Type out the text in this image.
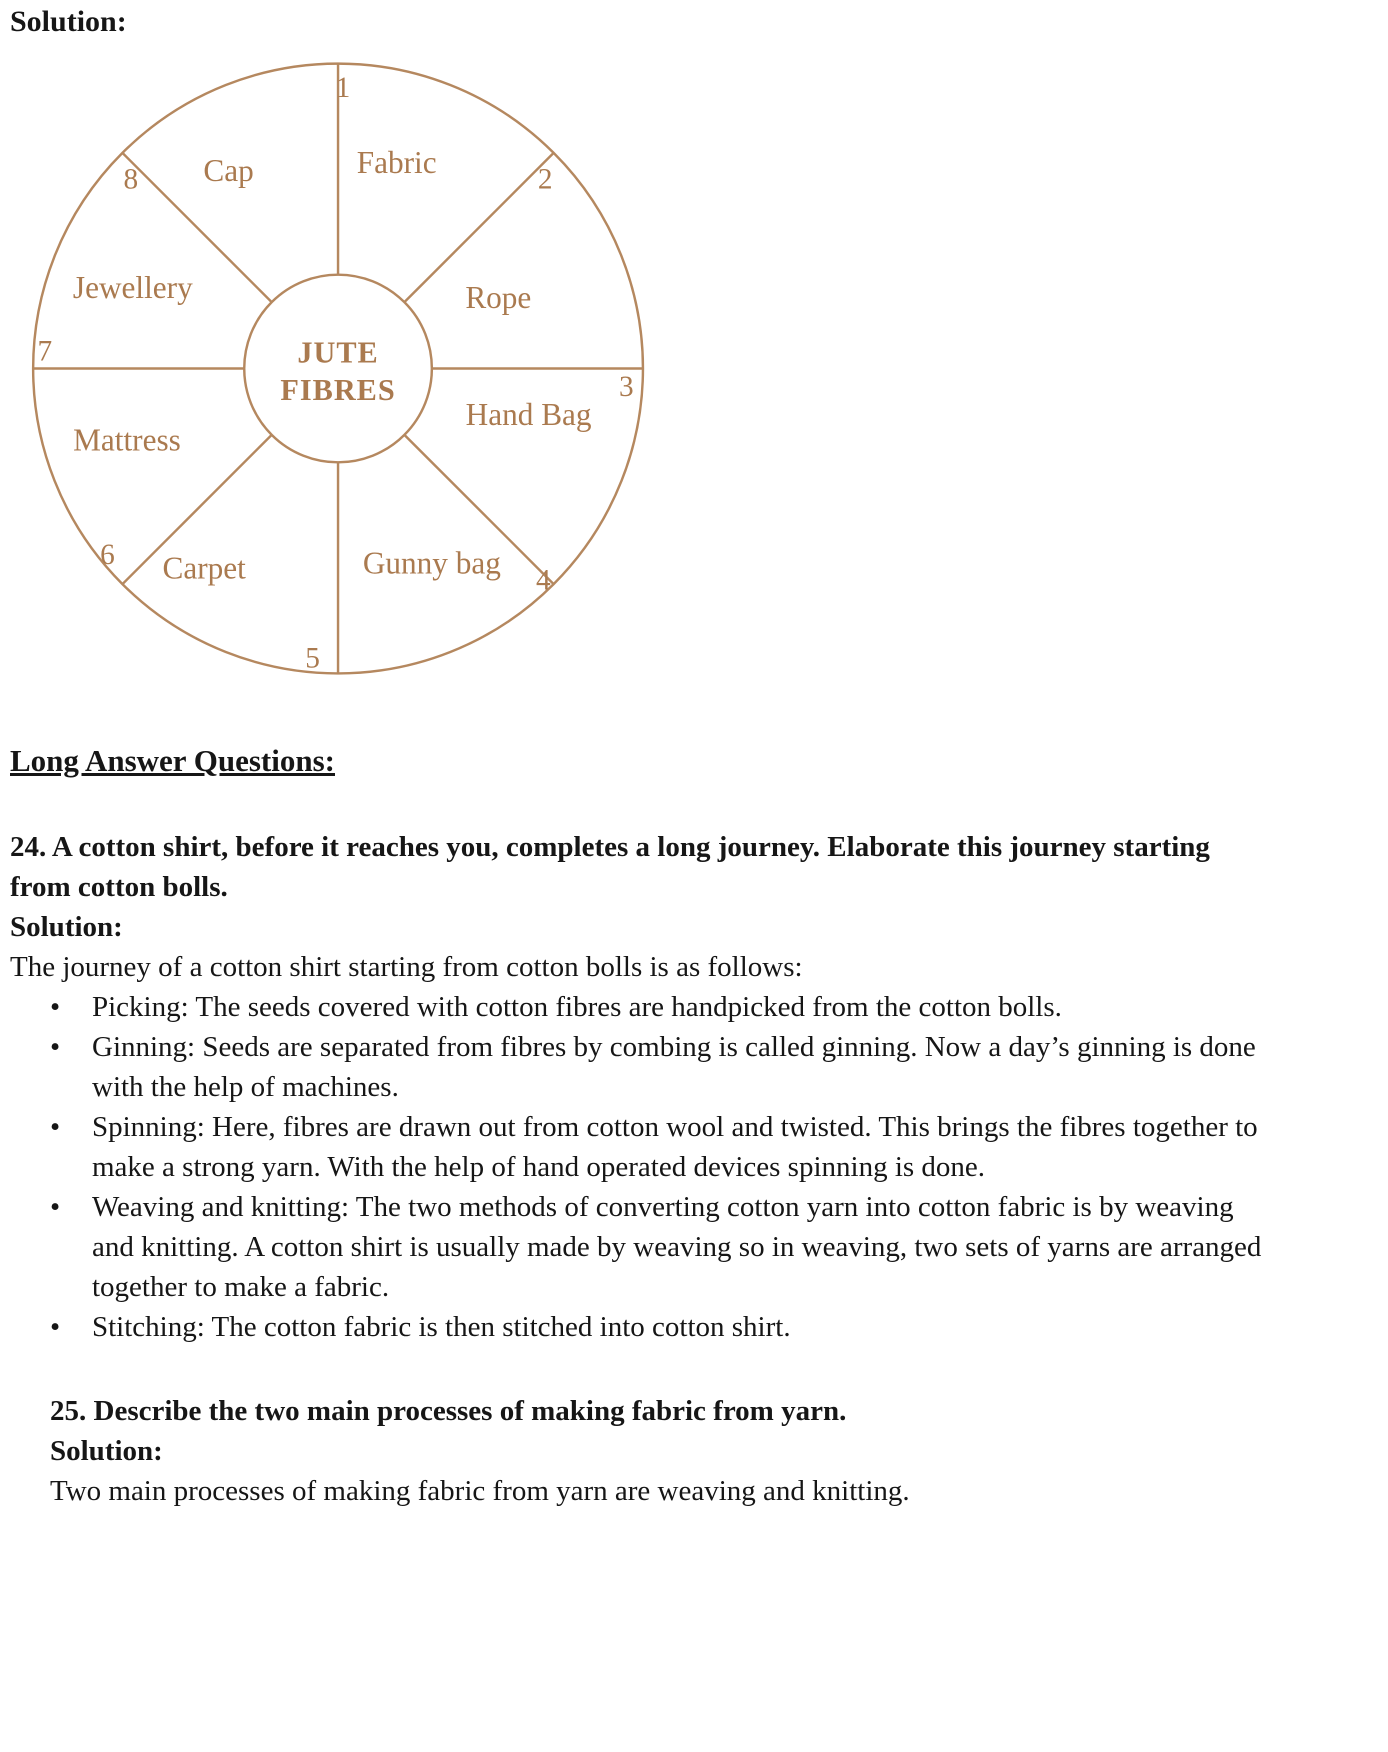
Solution:

JUTE
FIBRES
Fabric
Rope
Hand Bag
Gunny bag
Carpet
Mattress
Jewellery
Cap
1
2
3
4
5
6
7
8

Long Answer Questions:

24. A cotton shirt, before it reaches you, completes a long journey. Elaborate this journey starting from cotton bolls.

Solution:

The journey of a cotton shirt starting from cotton bolls is as follows:

• Picking: The seeds covered with cotton fibres are handpicked from the cotton bolls.
• Ginning: Seeds are separated from fibres by combing is called ginning. Now a day’s ginning is done with the help of machines.
• Spinning: Here, fibres are drawn out from cotton wool and twisted. This brings the fibres together to make a strong yarn. With the help of hand operated devices spinning is done.
• Weaving and knitting: The two methods of converting cotton yarn into cotton fabric is by weaving and knitting. A cotton shirt is usually made by weaving so in weaving, two sets of yarns are arranged together to make a fabric.
• Stitching: The cotton fabric is then stitched into cotton shirt.

25. Describe the two main processes of making fabric from yarn.

Solution:

Two main processes of making fabric from yarn are weaving and knitting.
